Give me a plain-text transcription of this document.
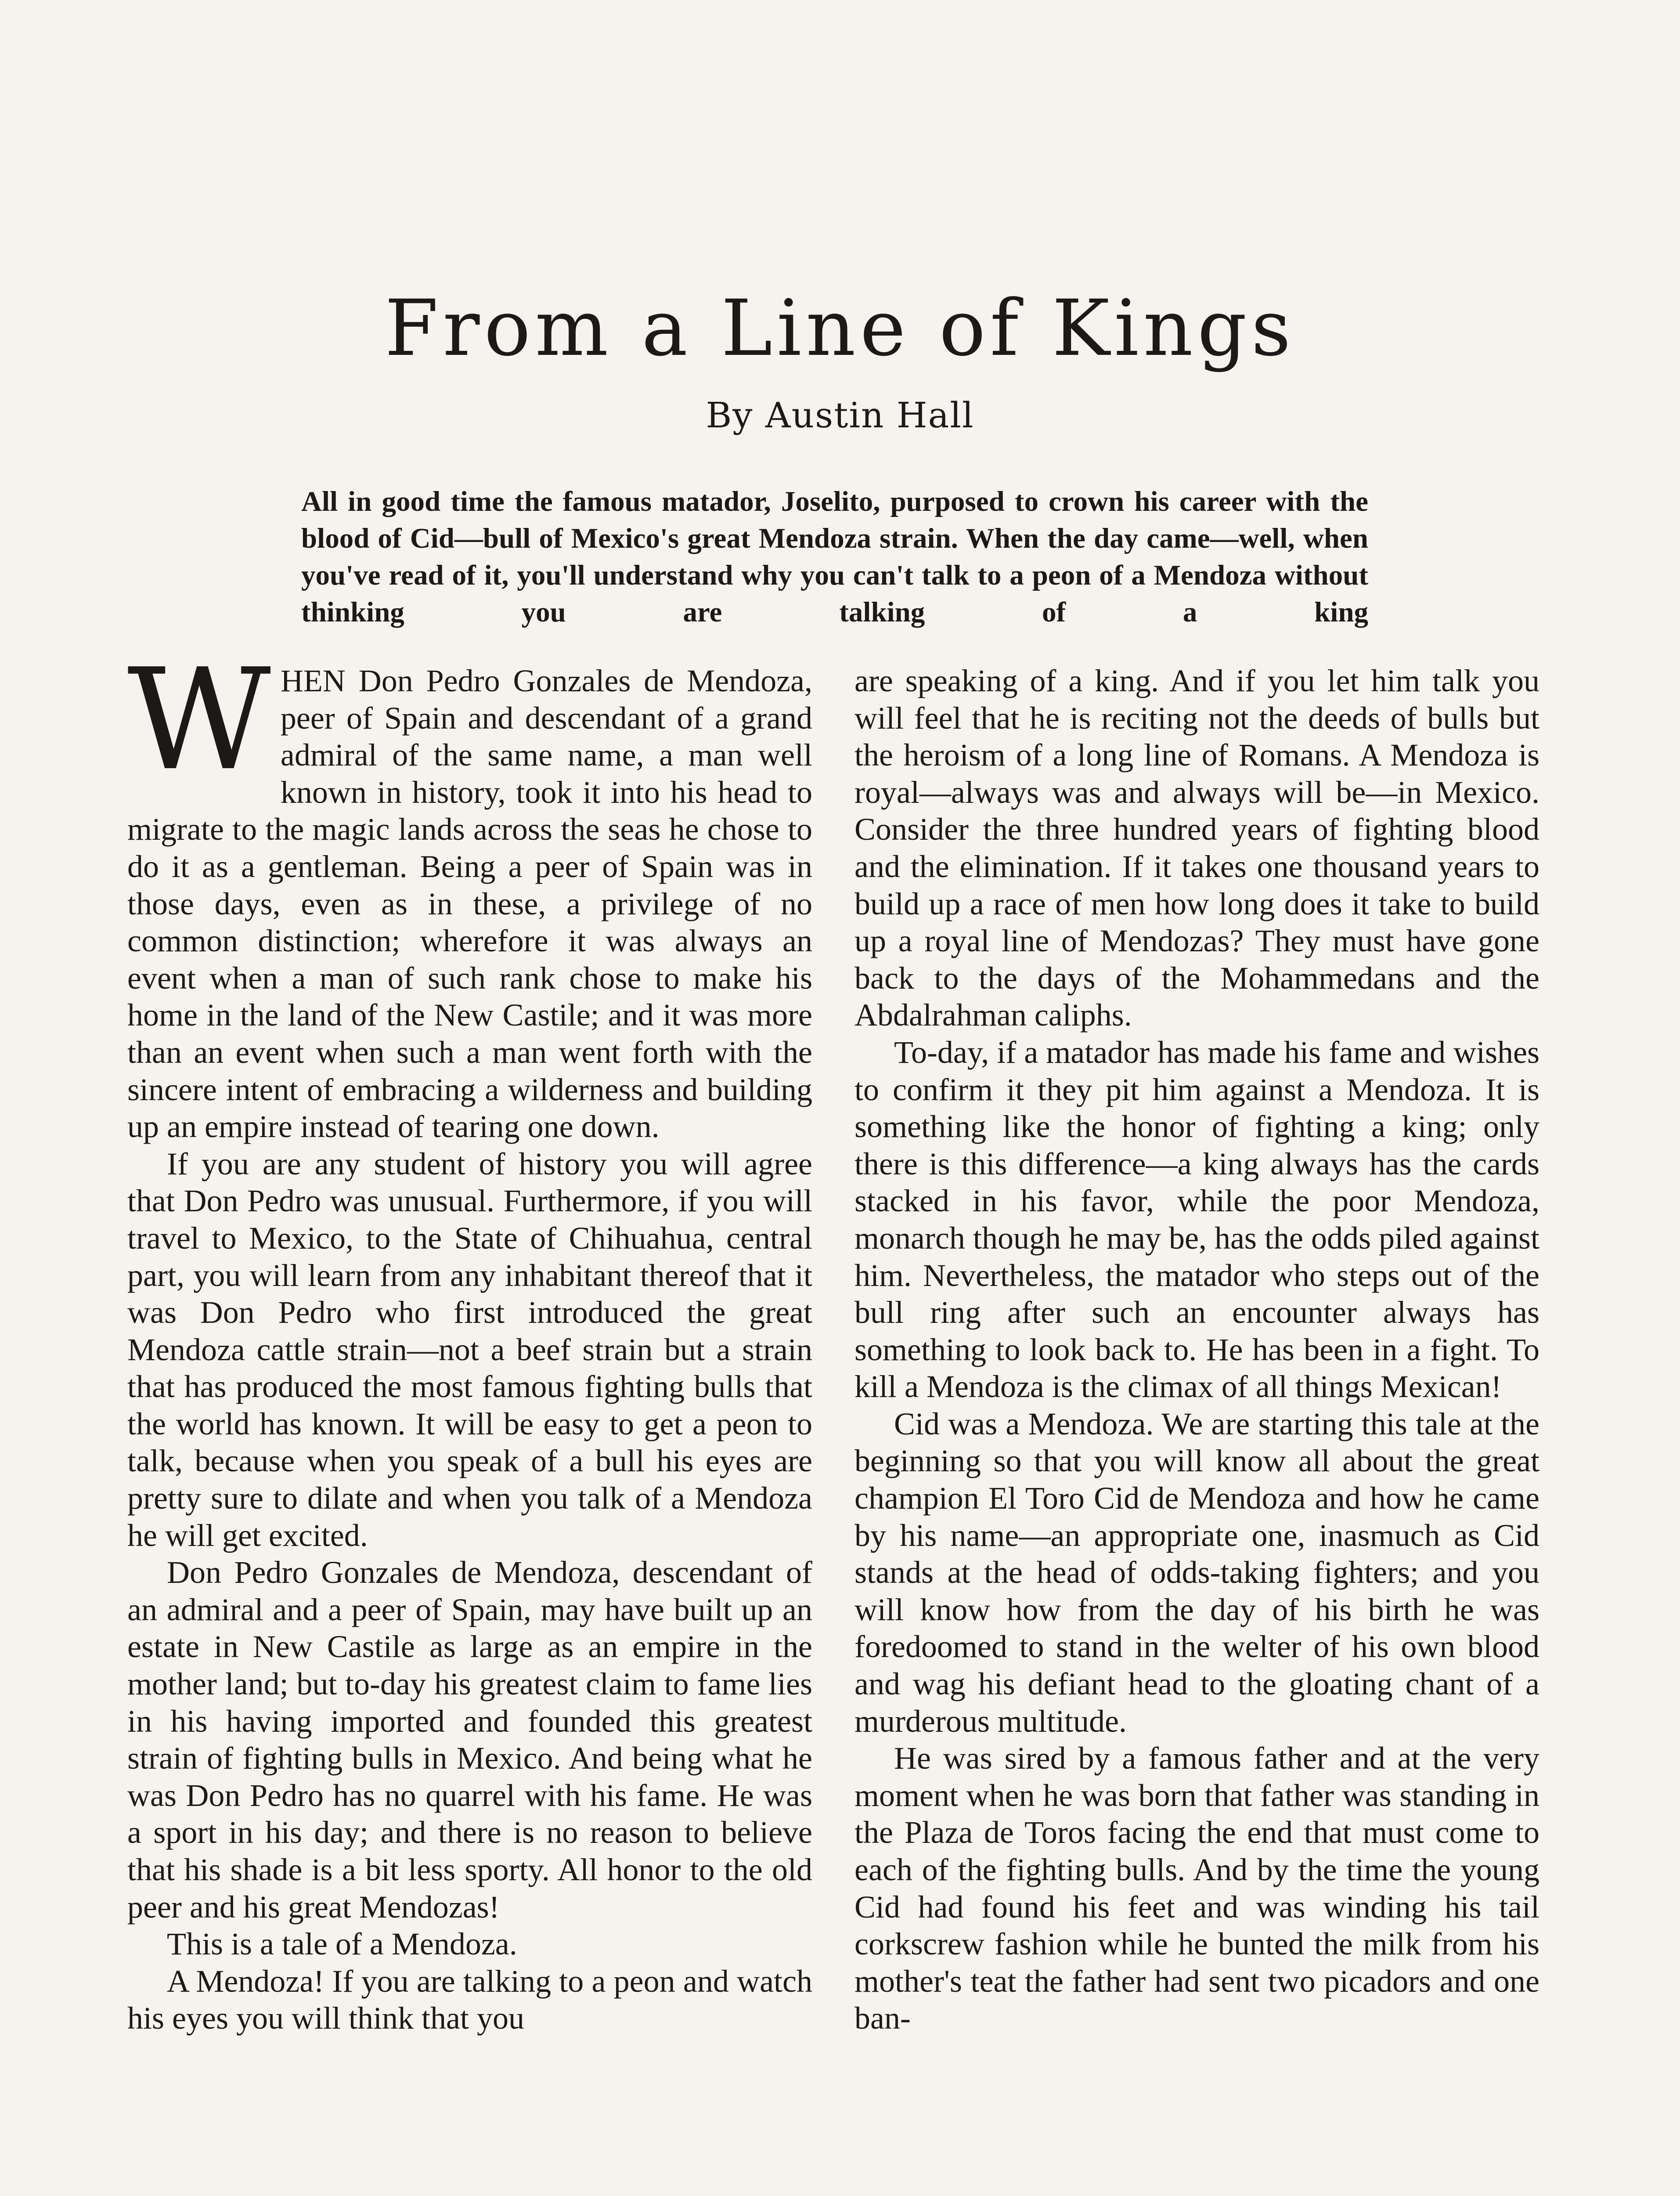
From a Line of Kings
By Austin Hall
All in good time the famous matador, Joselito, purposed to crown his career with the blood of Cid—bull of Mexico's great Mendoza strain. When the day came—well, when you've read of it, you'll understand why you can't talk to a peon of a Mendoza without thinking you are talking of a king

WHEN Don Pedro Gonzales de Mendoza, peer of Spain and descendant of a grand admiral of the same name, a man well known in history, took it into his head to migrate to the magic lands across the seas he chose to do it as a gentleman. Being a peer of Spain was in those days, even as in these, a privilege of no common distinction; wherefore it was always an event when a man of such rank chose to make his home in the land of the New Castile; and it was more than an event when such a man went forth with the sincere intent of embracing a wilderness and building up an empire instead of tearing one down.

If you are any student of history you will agree that Don Pedro was unusual. Furthermore, if you will travel to Mexico, to the State of Chihuahua, central part, you will learn from any inhabitant thereof that it was Don Pedro who first introduced the great Mendoza cattle strain—not a beef strain but a strain that has produced the most famous fighting bulls that the world has known. It will be easy to get a peon to talk, because when you speak of a bull his eyes are pretty sure to dilate and when you talk of a Mendoza he will get excited.

Don Pedro Gonzales de Mendoza, descendant of an admiral and a peer of Spain, may have built up an estate in New Castile as large as an empire in the mother land; but to-day his greatest claim to fame lies in his having imported and founded this greatest strain of fighting bulls in Mexico. And being what he was Don Pedro has no quarrel with his fame. He was a sport in his day; and there is no reason to believe that his shade is a bit less sporty. All honor to the old peer and his great Mendozas!

This is a tale of a Mendoza.

A Mendoza! If you are talking to a peon and watch his eyes you will think that you

are speaking of a king. And if you let him talk you will feel that he is reciting not the deeds of bulls but the heroism of a long line of Romans. A Mendoza is royal—always was and always will be—in Mexico. Consider the three hundred years of fighting blood and the elimination. If it takes one thousand years to build up a race of men how long does it take to build up a royal line of Mendozas? They must have gone back to the days of the Mohammedans and the Abdalrahman caliphs.

To-day, if a matador has made his fame and wishes to confirm it they pit him against a Mendoza. It is something like the honor of fighting a king; only there is this difference—a king always has the cards stacked in his favor, while the poor Mendoza, monarch though he may be, has the odds piled against him. Nevertheless, the matador who steps out of the bull ring after such an encounter always has something to look back to. He has been in a fight. To kill a Mendoza is the climax of all things Mexican!

Cid was a Mendoza. We are starting this tale at the beginning so that you will know all about the great champion El Toro Cid de Mendoza and how he came by his name—an appropriate one, inasmuch as Cid stands at the head of odds-taking fighters; and you will know how from the day of his birth he was foredoomed to stand in the welter of his own blood and wag his defiant head to the gloating chant of a murderous multitude.

He was sired by a famous father and at the very moment when he was born that father was standing in the Plaza de Toros facing the end that must come to each of the fighting bulls. And by the time the young Cid had found his feet and was winding his tail corkscrew fashion while he bunted the milk from his mother's teat the father had sent two picadors and one ban-
